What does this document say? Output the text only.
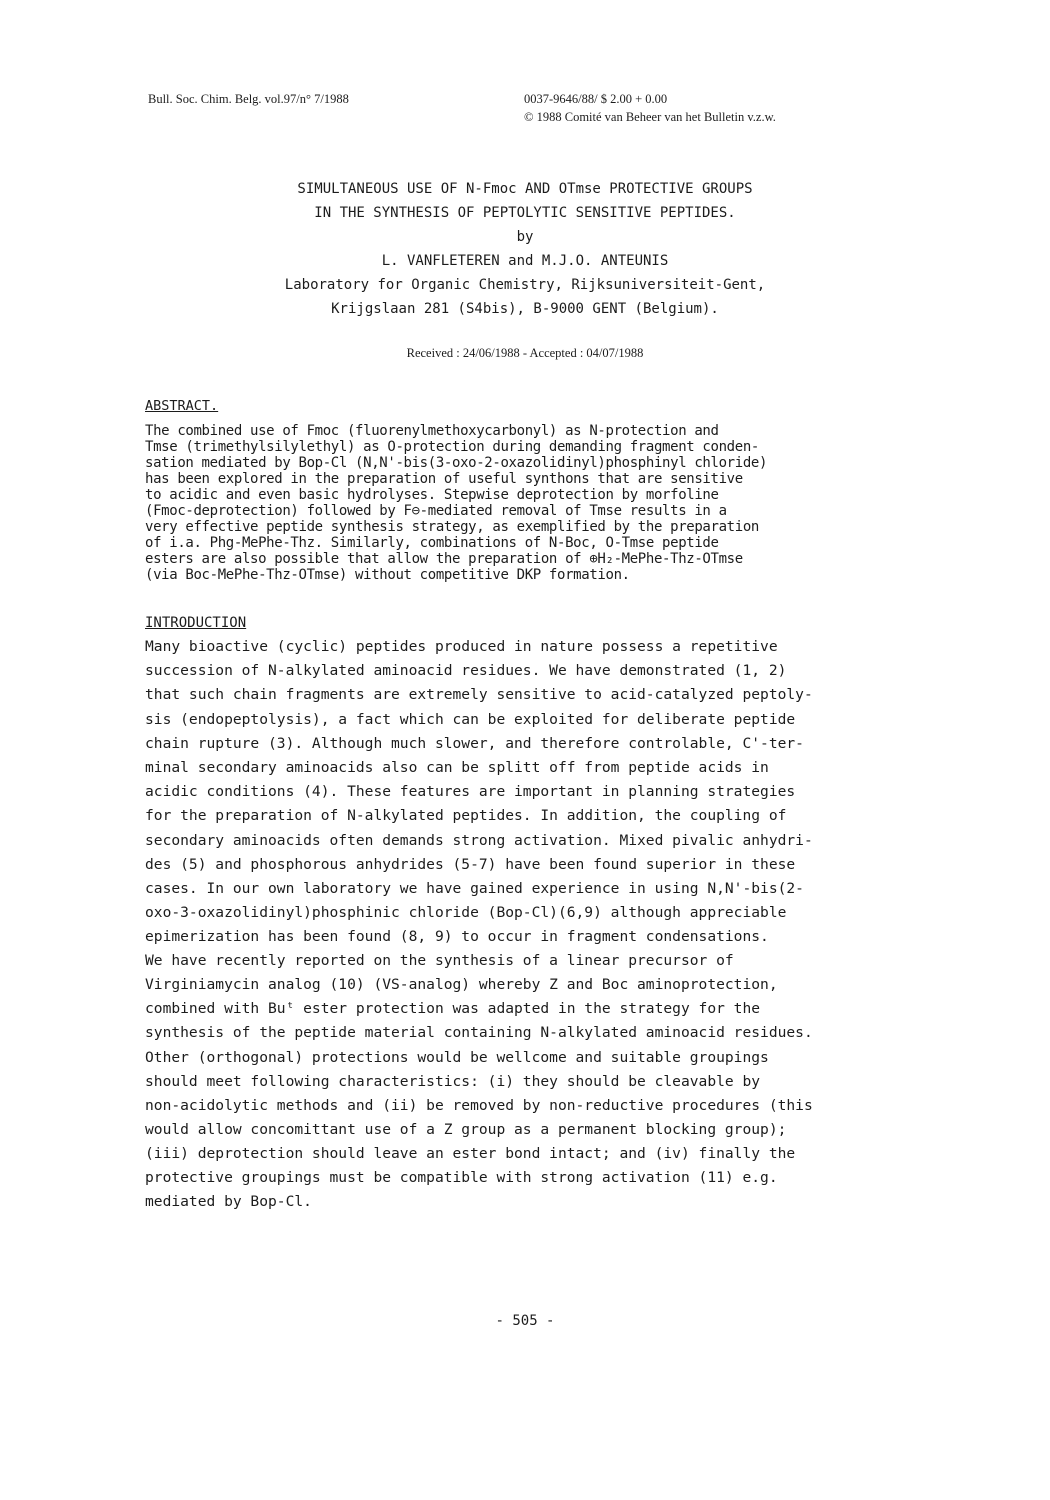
Bull. Soc. Chim. Belg. vol.97/n° 7/1988	0037-9646/88/ $ 2.00 + 0.00
© 1988 Comité van Beheer van het Bulletin v.z.w.
SIMULTANEOUS USE OF N-Fmoc AND OTmse PROTECTIVE GROUPS
IN THE SYNTHESIS OF PEPTOLYTIC SENSITIVE PEPTIDES.
by
L. VANFLETEREN and M.J.O. ANTEUNIS
Laboratory for Organic Chemistry, Rijksuniversiteit-Gent,
Krijgslaan 281 (S4bis), B-9000 GENT (Belgium).
Received : 24/06/1988 - Accepted : 04/07/1988
ABSTRACT.
The combined use of Fmoc (fluorenylmethoxycarbonyl) as N-protection and
Tmse (trimethylsilylethyl) as O-protection during demanding fragment conden-
sation mediated by Bop-Cl (N,N'-bis(3-oxo-2-oxazolidinyl)phosphinyl chloride)
has been explored in the preparation of useful synthons that are sensitive
to acidic and even basic hydrolyses. Stepwise deprotection by morfoline
(Fmoc-deprotection) followed by F⊖-mediated removal of Tmse results in a
very effective peptide synthesis strategy, as exemplified by the preparation
of i.a. Phg-MePhe-Thz. Similarly, combinations of N-Boc, O-Tmse peptide
esters are also possible that allow the preparation of ⊕H₂-MePhe-Thz-OTmse
(via Boc-MePhe-Thz-OTmse) without competitive DKP formation.
INTRODUCTION
Many bioactive (cyclic) peptides produced in nature possess a repetitive
succession of N-alkylated aminoacid residues. We have demonstrated (1, 2)
that such chain fragments are extremely sensitive to acid-catalyzed peptoly-
sis (endopeptolysis), a fact which can be exploited for deliberate peptide
chain rupture (3). Although much slower, and therefore controlable, C'-ter-
minal secondary aminoacids also can be splitt off from peptide acids in
acidic conditions (4). These features are important in planning strategies
for the preparation of N-alkylated peptides. In addition, the coupling of
secondary aminoacids often demands strong activation. Mixed pivalic anhydri-
des (5) and phosphorous anhydrides (5-7) have been found superior in these
cases. In our own laboratory we have gained experience in using N,N'-bis(2-
oxo-3-oxazolidinyl)phosphinic chloride (Bop-Cl)(6,9) although appreciable
epimerization has been found (8, 9) to occur in fragment condensations.
We have recently reported on the synthesis of a linear precursor of
Virginiamycin analog (10) (VS-analog) whereby Z and Boc aminoprotection,
combined with Buᵗ ester protection was adapted in the strategy for the
synthesis of the peptide material containing N-alkylated aminoacid residues.
Other (orthogonal) protections would be wellcome and suitable groupings
should meet following characteristics: (i) they should be cleavable by
non-acidolytic methods and (ii) be removed by non-reductive procedures (this
would allow concomittant use of a Z group as a permanent blocking group);
(iii) deprotection should leave an ester bond intact; and (iv) finally the
protective groupings must be compatible with strong activation (11) e.g.
mediated by Bop-Cl.
- 505 -
